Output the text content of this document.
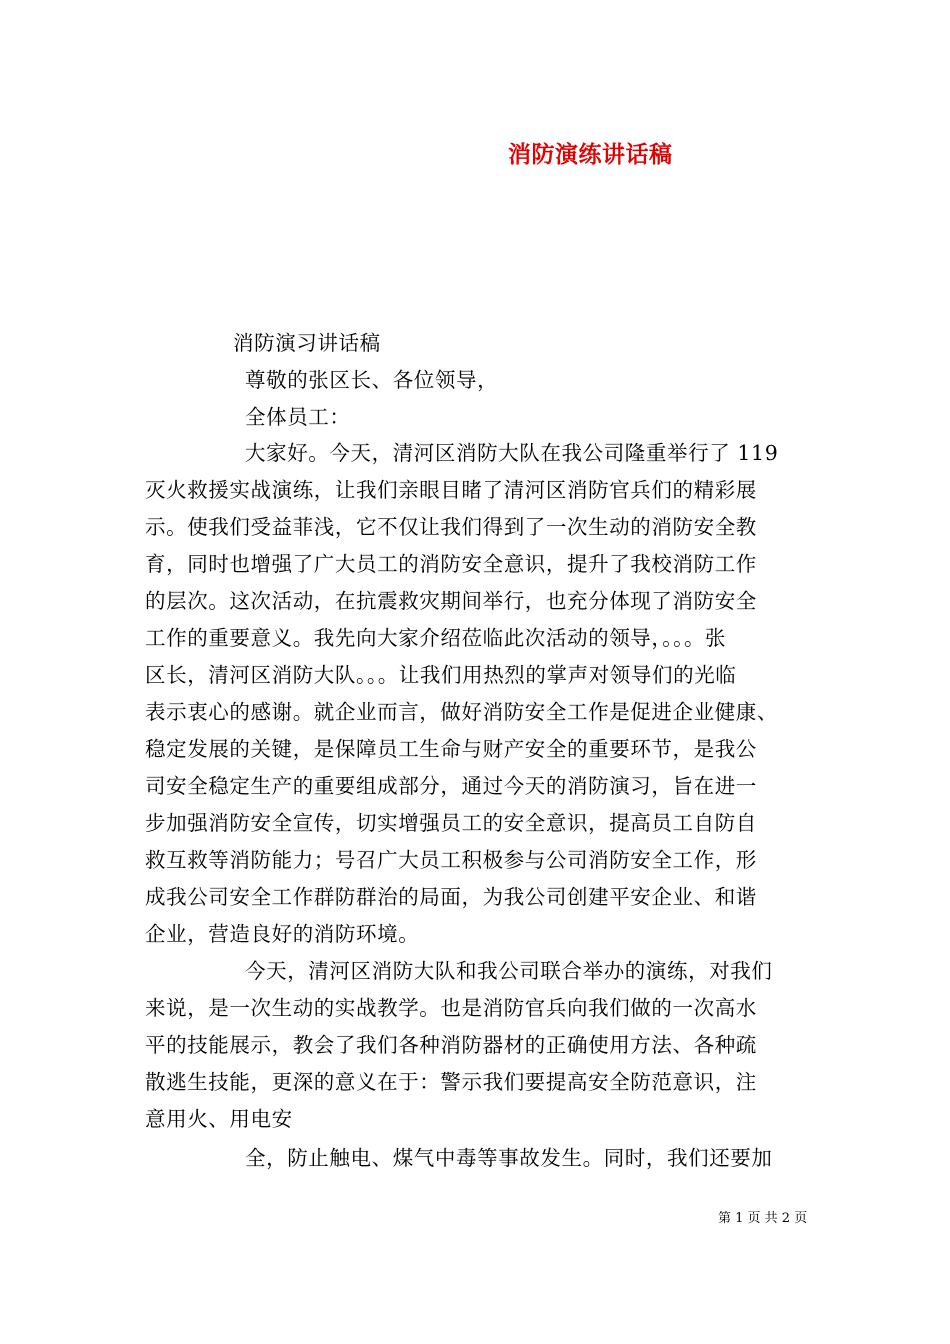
消防演练讲话稿
消防演习讲话稿
尊敬的张区长、各位领导，
全体员工：
大家好。今天，清河区消防大队在我公司隆重举行了 119
灭火救援实战演练，让我们亲眼目睹了清河区消防官兵们的精彩展
示。使我们受益菲浅，它不仅让我们得到了一次生动的消防安全教
育，同时也增强了广大员工的消防安全意识，提升了我校消防工作
的层次。这次活动，在抗震救灾期间举行，也充分体现了消防安全
工作的重要意义。我先向大家介绍莅临此次活动的领导，。。。张
区长，清河区消防大队。。。让我们用热烈的掌声对领导们的光临
表示衷心的感谢。就企业而言，做好消防安全工作是促进企业健康、
稳定发展的关键，是保障员工生命与财产安全的重要环节，是我公
司安全稳定生产的重要组成部分，通过今天的消防演习，旨在进一
步加强消防安全宣传，切实增强员工的安全意识，提高员工自防自
救互救等消防能力；号召广大员工积极参与公司消防安全工作，形
成我公司安全工作群防群治的局面，为我公司创建平安企业、和谐
企业，营造良好的消防环境。
今天，清河区消防大队和我公司联合举办的演练，对我们
来说，是一次生动的实战教学。也是消防官兵向我们做的一次高水
平的技能展示，教会了我们各种消防器材的正确使用方法、各种疏
散逃生技能，更深的意义在于：警示我们要提高安全防范意识，注
意用火、用电安
全，防止触电、煤气中毒等事故发生。同时，我们还要加
第 1 页 共 2 页
